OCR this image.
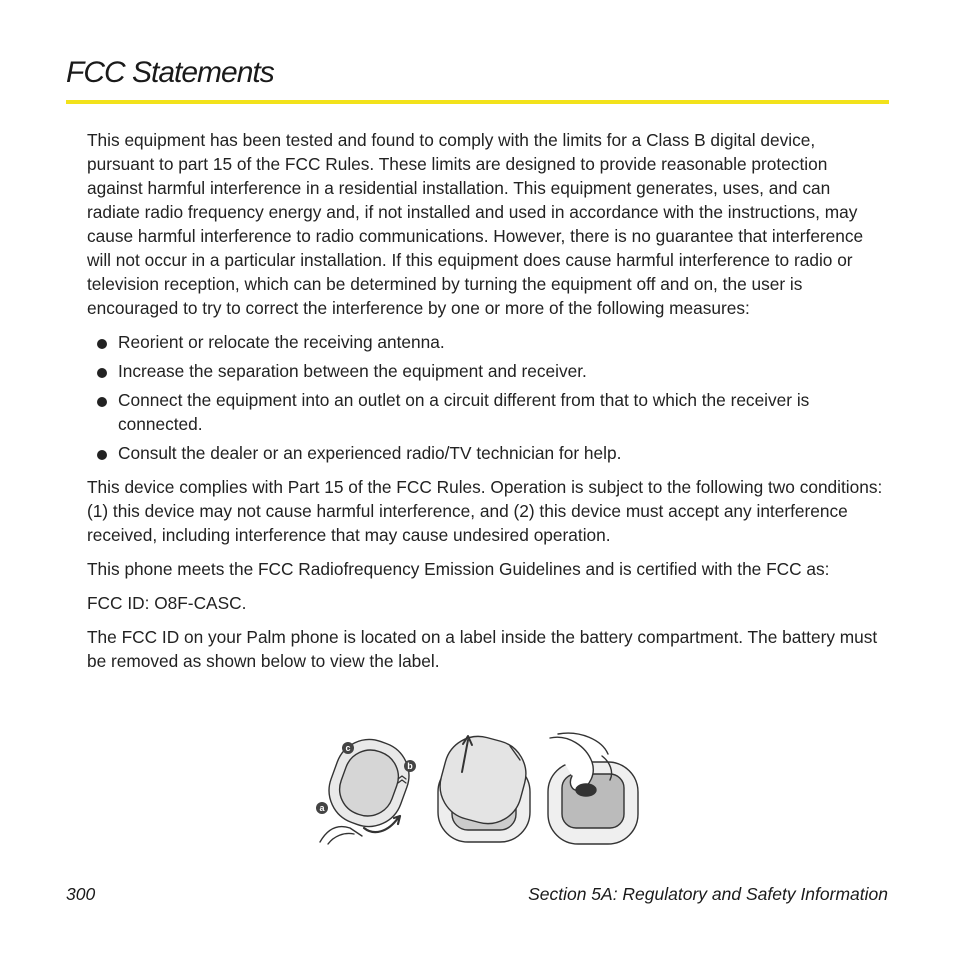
FCC Statements

This equipment has been tested and found to comply with the limits for a Class B digital device, pursuant to part 15 of the FCC Rules. These limits are designed to provide reasonable protection against harmful interference in a residential installation. This equipment generates, uses, and can radiate radio frequency energy and, if not installed and used in accordance with the instructions, may cause harmful interference to radio communications. However, there is no guarantee that interference will not occur in a particular installation. If this equipment does cause harmful interference to radio or television reception, which can be determined by turning the equipment off and on, the user is encouraged to try to correct the interference by one or more of the following measures:

Reorient or relocate the receiving antenna.
Increase the separation between the equipment and receiver.
Connect the equipment into an outlet on a circuit different from that to which the receiver is connected.
Consult the dealer or an experienced radio/TV technician for help.

This device complies with Part 15 of the FCC Rules. Operation is subject to the following two conditions: (1) this device may not cause harmful interference, and (2) this device must accept any interference received, including interference that may cause undesired operation.

This phone meets the FCC Radiofrequency Emission Guidelines and is certified with the FCC as:

FCC ID: O8F-CASC.

The FCC ID on your Palm phone is located on a label inside the battery compartment. The battery must be removed as shown below to view the label.

c
b
a
300	Section 5A: Regulatory and Safety Information
